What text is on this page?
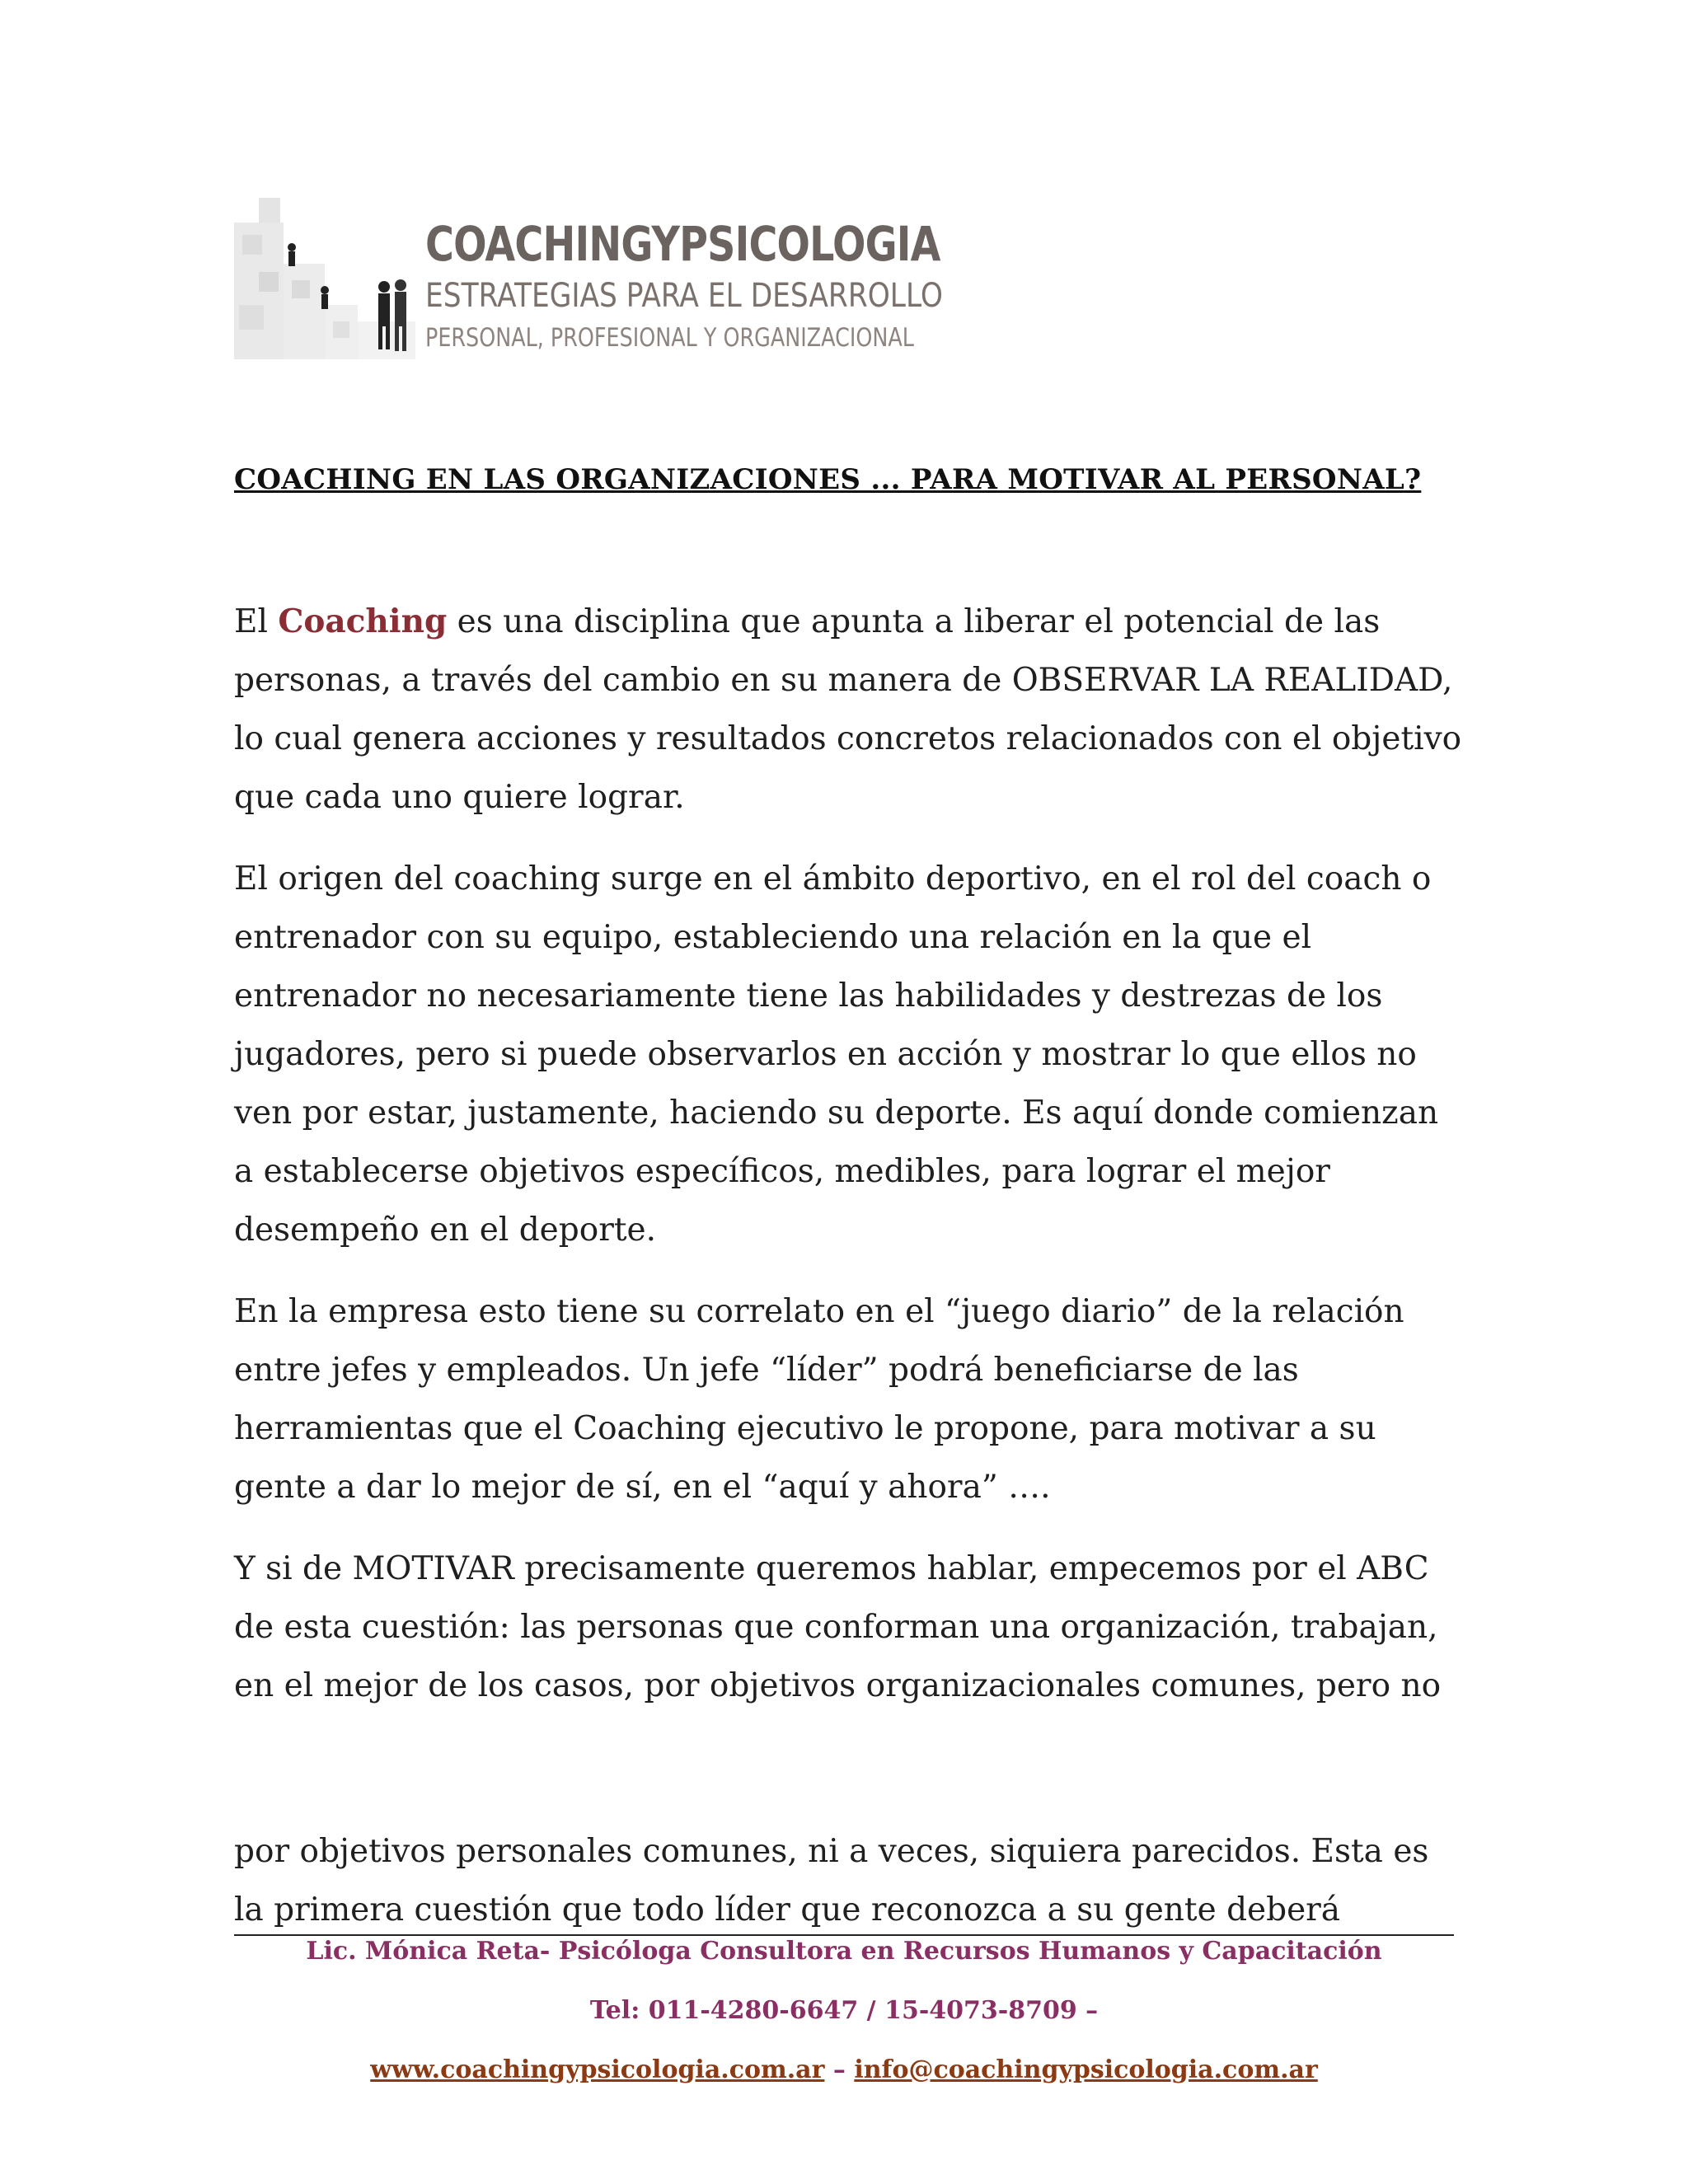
COACHINGYPSICOLOGIA
ESTRATEGIAS PARA EL DESARROLLO
PERSONAL, PROFESIONAL Y ORGANIZACIONAL
COACHING EN LAS ORGANIZACIONES ... PARA MOTIVAR AL PERSONAL?

El Coaching es una disciplina que apunta a liberar el potencial de las personas, a través del cambio en su manera de OBSERVAR LA REALIDAD, lo cual genera acciones y resultados concretos relacionados con el objetivo que cada uno quiere lograr.

El origen del coaching surge en el ámbito deportivo, en el rol del coach o entrenador con su equipo, estableciendo una relación en la que el entrenador no necesariamente tiene las habilidades y destrezas de los jugadores, pero si puede observarlos en acción y mostrar lo que ellos no ven por estar, justamente, haciendo su deporte. Es aquí donde comienzan a establecerse objetivos específicos, medibles, para lograr el mejor desempeño en el deporte.

En la empresa esto tiene su correlato en el “juego diario” de la relación entre jefes y empleados. Un jefe “líder” podrá beneficiarse de las herramientas que el Coaching ejecutivo le propone, para motivar a su gente a dar lo mejor de sí, en el “aquí y ahora” ….

Y si de MOTIVAR precisamente queremos hablar, empecemos por el ABC de esta cuestión: las personas que conforman una organización, trabajan, en el mejor de los casos, por objetivos organizacionales comunes, pero no

por objetivos personales comunes, ni a veces, siquiera parecidos. Esta es la primera cuestión que todo líder que reconozca a su gente deberá

Lic. Mónica Reta- Psicóloga Consultora en Recursos Humanos y Capacitación
Tel: 011-4280-6647 / 15-4073-8709 –
www.coachingypsicologia.com.ar – info@coachingypsicologia.com.ar
